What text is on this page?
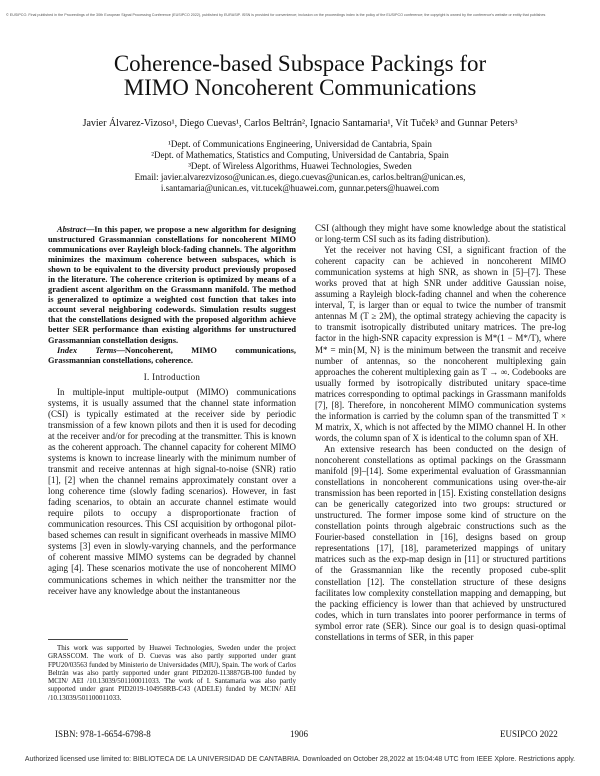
© EUSIPCO. Final published in the Proceedings of the 30th European Signal Processing Conference (EUSIPCO 2022), published by EURASIP. ISSN is provided for convenience; inclusion on the proceedings index is the policy of the EUSIPCO conference; the copyright is owned by the conference's website or entity that publishes
Coherence-based Subspace Packings for
MIMO Noncoherent Communications
Javier Álvarez-Vizoso¹, Diego Cuevas¹, Carlos Beltrán², Ignacio Santamaria¹, Vít Tuček³ and Gunnar Peters³
¹Dept. of Communications Engineering, Universidad de Cantabria, Spain
²Dept. of Mathematics, Statistics and Computing, Universidad de Cantabria, Spain
³Dept. of Wireless Algorithms, Huawei Technologies, Sweden
Email: javier.alvarezvizoso@unican.es, diego.cuevas@unican.es, carlos.beltran@unican.es,
i.santamaria@unican.es, vit.tucek@huawei.com, gunnar.peters@huawei.com

Abstract—In this paper, we propose a new algorithm for designing unstructured Grassmannian constellations for noncoherent MIMO communications over Rayleigh block-fading channels. The algorithm minimizes the maximum coherence between subspaces, which is shown to be equivalent to the diversity product previously proposed in the literature. The coherence criterion is optimized by means of a gradient ascent algorithm on the Grassmann manifold. The method is generalized to optimize a weighted cost function that takes into account several neighboring codewords. Simulation results suggest that the constellations designed with the proposed algorithm achieve better SER performance than existing algorithms for unstructured Grassmannian constellation designs.

Index Terms—Noncoherent, MIMO communications, Grassmannian constellations, coherence.

I. Introduction

In multiple-input multiple-output (MIMO) communications systems, it is usually assumed that the channel state information (CSI) is typically estimated at the receiver side by periodic transmission of a few known pilots and then it is used for decoding at the receiver and/or for precoding at the transmitter. This is known as the coherent approach. The channel capacity for coherent MIMO systems is known to increase linearly with the minimum number of transmit and receive antennas at high signal-to-noise (SNR) ratio [1], [2] when the channel remains approximately constant over a long coherence time (slowly fading scenarios). However, in fast fading scenarios, to obtain an accurate channel estimate would require pilots to occupy a disproportionate fraction of communication resources. This CSI acquisition by orthogonal pilot-based schemes can result in significant overheads in massive MIMO systems [3] even in slowly-varying channels, and the performance of coherent massive MIMO systems can be degraded by channel aging [4]. These scenarios motivate the use of noncoherent MIMO communications schemes in which neither the transmitter nor the receiver have any knowledge about the instantaneous

This work was supported by Huawei Technologies, Sweden under the project GRASSCOM. The work of D. Cuevas was also partly supported under grant FPU20/03563 funded by Ministerio de Universidades (MIU), Spain. The work of Carlos Beltrán was also partly supported under grant PID2020-113887GB-I00 funded by MCIN/ AEI /10.13039/501100011033. The work of I. Santamaria was also partly supported under grant PID2019-104958RB-C43 (ADELE) funded by MCIN/ AEI /10.13039/501100011033.

CSI (although they might have some knowledge about the statistical or long-term CSI such as its fading distribution).

Yet the receiver not having CSI, a significant fraction of the coherent capacity can be achieved in noncoherent MIMO communication systems at high SNR, as shown in [5]–[7]. These works proved that at high SNR under additive Gaussian noise, assuming a Rayleigh block-fading channel and when the coherence interval, T, is larger than or equal to twice the number of transmit antennas M (T ≥ 2M), the optimal strategy achieving the capacity is to transmit isotropically distributed unitary matrices. The pre-log factor in the high-SNR capacity expression is M*(1 − M*/T), where M* = min{M, N} is the minimum between the transmit and receive number of antennas, so the noncoherent multiplexing gain approaches the coherent multiplexing gain as T → ∞. Codebooks are usually formed by isotropically distributed unitary space-time matrices corresponding to optimal packings in Grassmann manifolds [7], [8]. Therefore, in noncoherent MIMO communication systems the information is carried by the column span of the transmitted T × M matrix, X, which is not affected by the MIMO channel H. In other words, the column span of X is identical to the column span of XH.

An extensive research has been conducted on the design of noncoherent constellations as optimal packings on the Grassmann manifold [9]–[14]. Some experimental evaluation of Grassmannian constellations in noncoherent communications using over-the-air transmission has been reported in [15]. Existing constellation designs can be generically categorized into two groups: structured or unstructured. The former impose some kind of structure on the constellation points through algebraic constructions such as the Fourier-based constellation in [16], designs based on group representations [17], [18], parameterized mappings of unitary matrices such as the exp-map design in [11] or structured partitions of the Grassmannian like the recently proposed cube-split constellation [12]. The constellation structure of these designs facilitates low complexity constellation mapping and demapping, but the packing efficiency is lower than that achieved by unstructured codes, which in turn translates into poorer performance in terms of symbol error rate (SER). Since our goal is to design quasi-optimal constellations in terms of SER, in this paper

ISBN: 978-1-6654-6798-8	1906	EUSIPCO 2022
Authorized licensed use limited to: BIBLIOTECA DE LA UNIVERSIDAD DE CANTABRIA. Downloaded on October 28,2022 at 15:04:48 UTC from IEEE Xplore. Restrictions apply.
